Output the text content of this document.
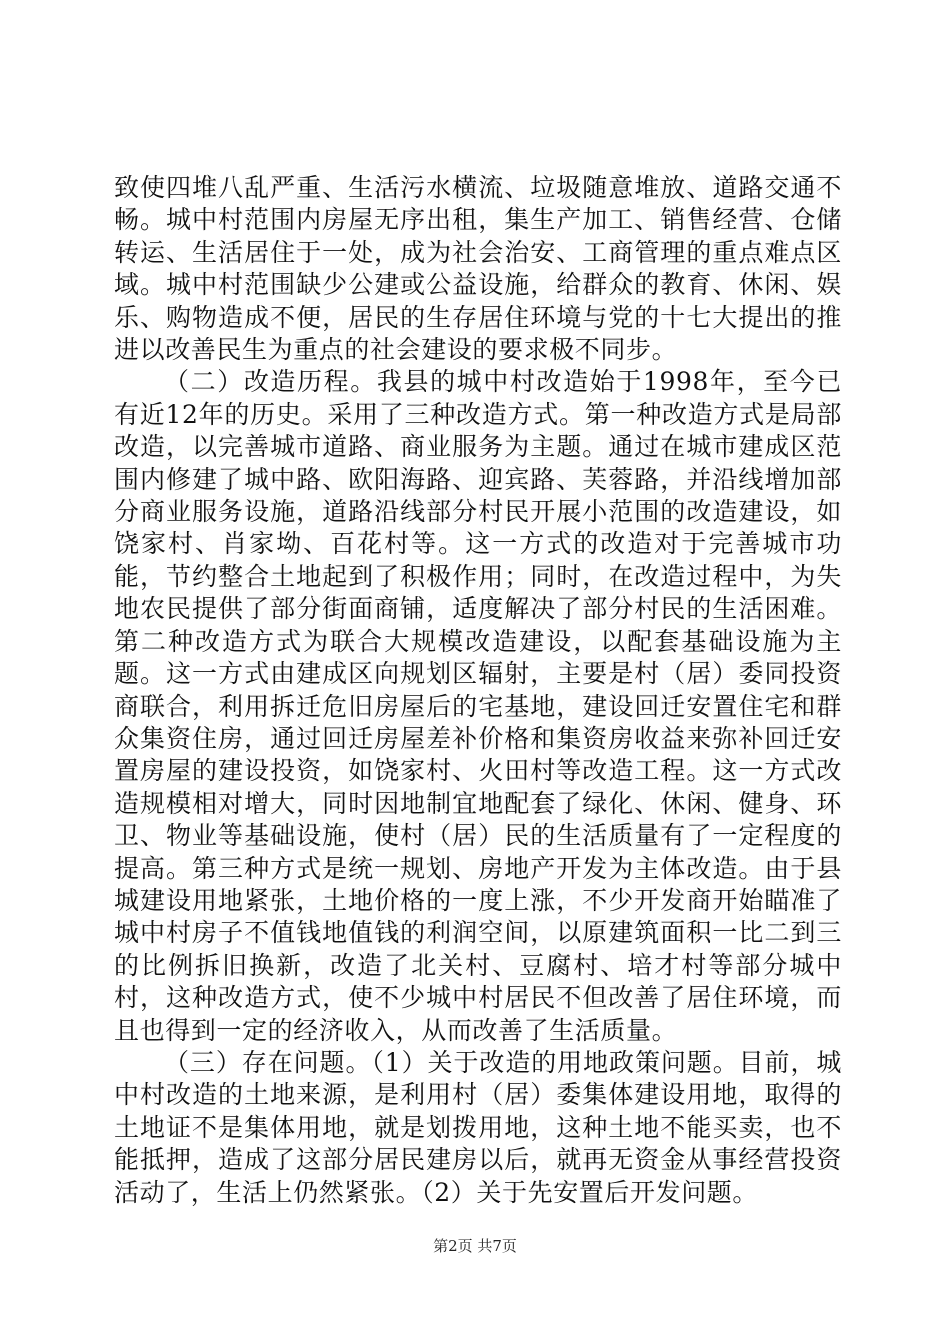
致使四堆八乱严重、生活污水横流、垃圾随意堆放、道路交通不畅。城中村范围内房屋无序出租，集生产加工、销售经营、仓储转运、生活居住于一处，成为社会治安、工商管理的重点难点区域。城中村范围缺少公建或公益设施，给群众的教育、休闲、娱乐、购物造成不便，居民的生存居住环境与党的十七大提出的推进以改善民生为重点的社会建设的要求极不同步。

（二）改造历程。我县的城中村改造始于1998年，至今已有近12年的历史。采用了三种改造方式。第一种改造方式是局部改造，以完善城市道路、商业服务为主题。通过在城市建成区范围内修建了城中路、欧阳海路、迎宾路、芙蓉路，并沿线增加部分商业服务设施，道路沿线部分村民开展小范围的改造建设，如饶家村、肖家坳、百花村等。这一方式的改造对于完善城市功能，节约整合土地起到了积极作用；同时，在改造过程中，为失地农民提供了部分街面商铺，适度解决了部分村民的生活困难。第二种改造方式为联合大规模改造建设，以配套基础设施为主题。这一方式由建成区向规划区辐射，主要是村（居）委同投资商联合，利用拆迁危旧房屋后的宅基地，建设回迁安置住宅和群众集资住房，通过回迁房屋差补价格和集资房收益来弥补回迁安置房屋的建设投资，如饶家村、火田村等改造工程。这一方式改造规模相对增大，同时因地制宜地配套了绿化、休闲、健身、环卫、物业等基础设施，使村（居）民的生活质量有了一定程度的提高。第三种方式是统一规划、房地产开发为主体改造。由于县城建设用地紧张，土地价格的一度上涨，不少开发商开始瞄准了城中村房子不值钱地值钱的利润空间，以原建筑面积一比二到三的比例拆旧换新，改造了北关村、豆腐村、培才村等部分城中村，这种改造方式，使不少城中村居民不但改善了居住环境，而且也得到一定的经济收入，从而改善了生活质量。

（三）存在问题。（1）关于改造的用地政策问题。目前，城中村改造的土地来源，是利用村（居）委集体建设用地，取得的土地证不是集体用地，就是划拨用地，这种土地不能买卖，也不能抵押，造成了这部分居民建房以后，就再无资金从事经营投资活动了，生活上仍然紧张。（2）关于先安置后开发问题。

第2页 共7页
